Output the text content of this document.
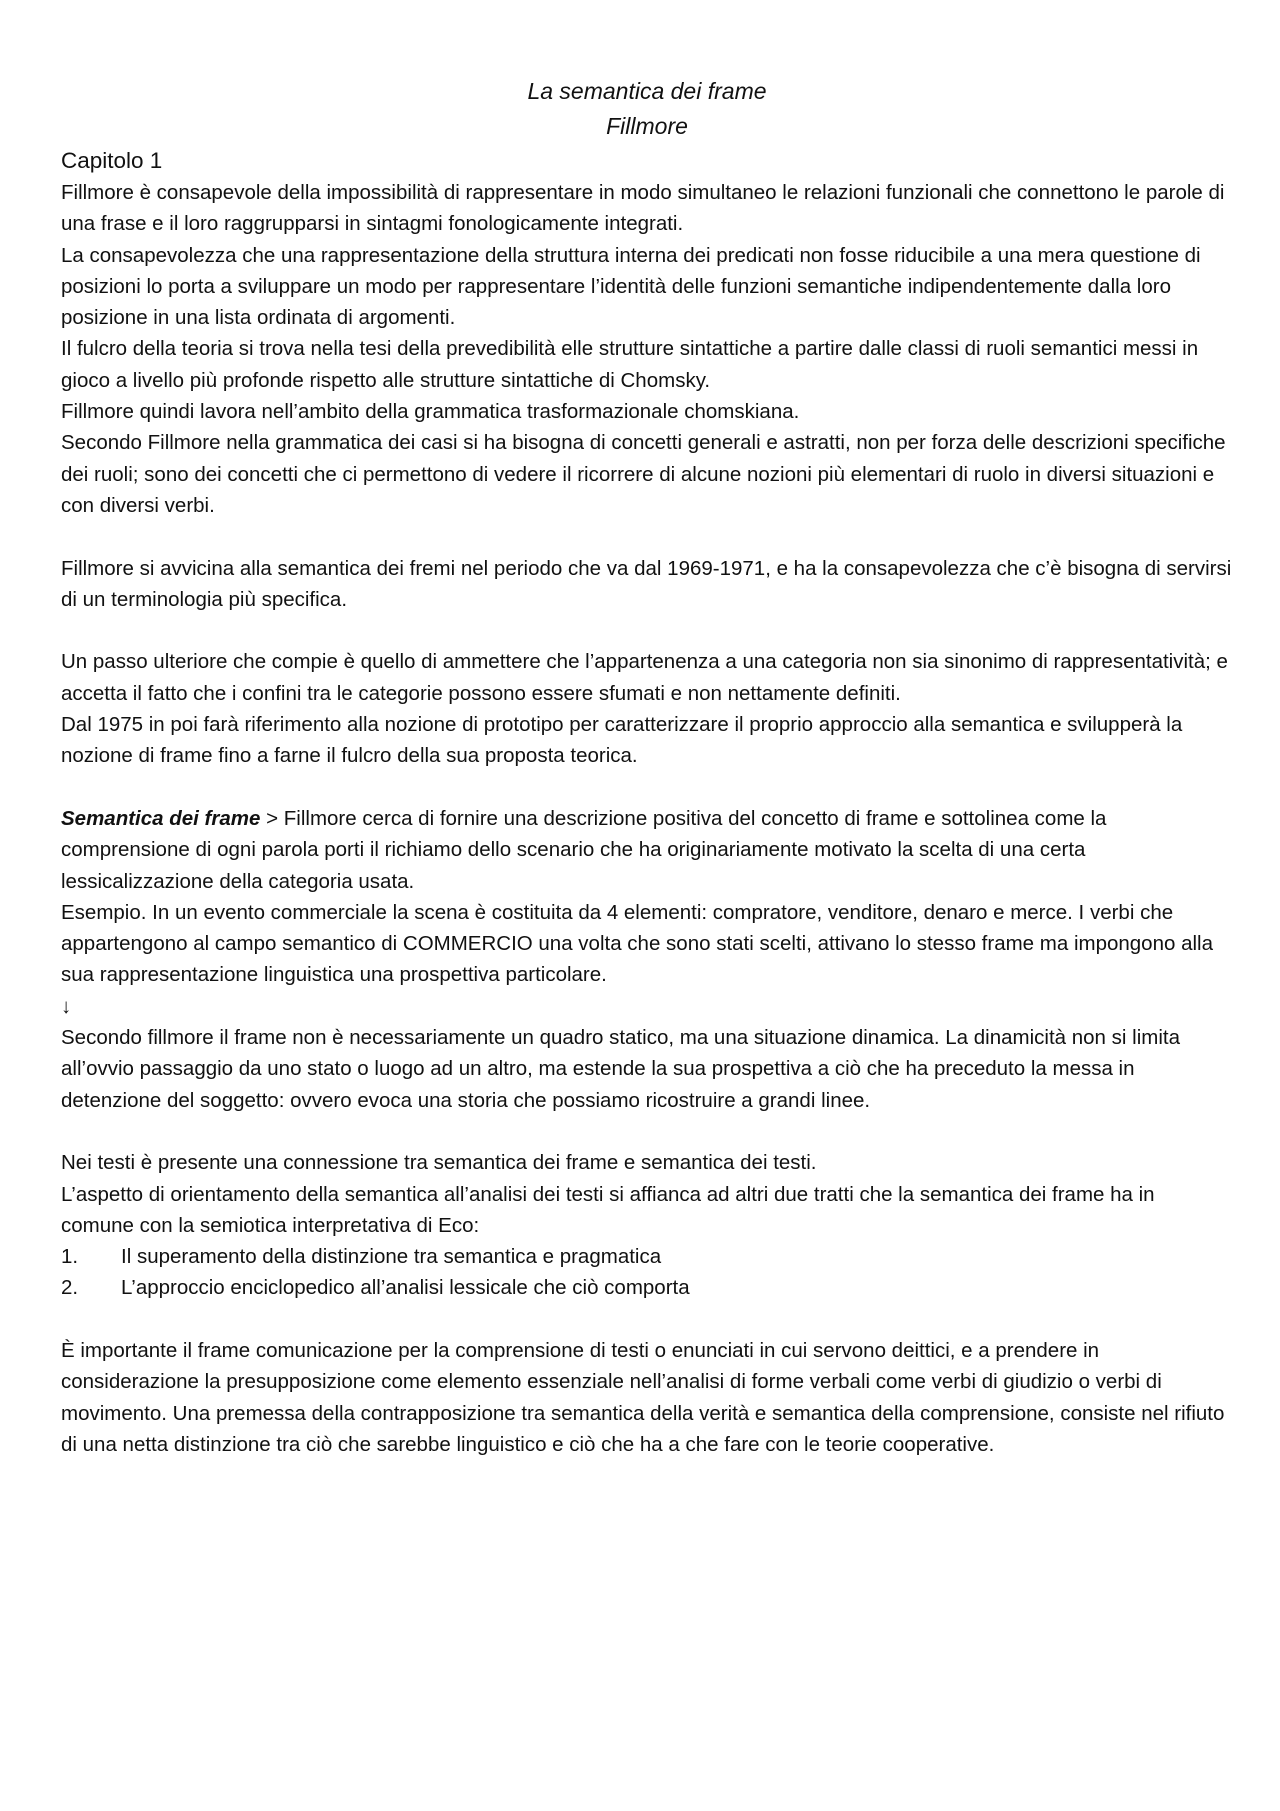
La semantica dei frame

Fillmore

Capitolo 1

Fillmore è consapevole della impossibilità di rappresentare in modo simultaneo le relazioni funzionali che connettono le parole di una frase e il loro raggrupparsi in sintagmi fonologicamente integrati.

La consapevolezza che una rappresentazione della struttura interna dei predicati non fosse riducibile a una mera questione di posizioni lo porta a sviluppare un modo per rappresentare l’identità delle funzioni semantiche indipendentemente dalla loro posizione in una lista ordinata di argomenti.

Il fulcro della teoria si trova nella tesi della prevedibilità elle strutture sintattiche a partire dalle classi di ruoli semantici messi in gioco a livello più profonde rispetto alle strutture sintattiche di Chomsky.

Fillmore quindi lavora nell’ambito della grammatica trasformazionale chomskiana.

Secondo Fillmore nella grammatica dei casi si ha bisogna di concetti generali e astratti, non per forza delle descrizioni specifiche dei ruoli; sono dei concetti che ci permettono di vedere il ricorrere di alcune nozioni più elementari di ruolo in diversi situazioni e con diversi verbi.

Fillmore si avvicina alla semantica dei fremi nel periodo che va dal 1969-1971, e ha la consapevolezza che c’è bisogna di servirsi di un terminologia più specifica.

Un passo ulteriore che compie è quello di ammettere che l’appartenenza a una categoria non sia sinonimo di rappresentatività; e accetta il fatto che i confini tra le categorie possono essere sfumati e non nettamente definiti.

Dal 1975 in poi farà riferimento alla nozione di prototipo per caratterizzare il proprio approccio alla semantica e svilupperà la nozione di frame fino a farne il fulcro della sua proposta teorica.

Semantica dei frame > Fillmore cerca di fornire una descrizione positiva del concetto di frame e sottolinea come la comprensione di ogni parola porti il richiamo dello scenario che ha originariamente motivato la scelta di una certa lessicalizzazione della categoria usata.

Esempio. In un evento commerciale la scena è costituita da 4 elementi: compratore, venditore, denaro e merce. I verbi che appartengono al campo semantico di COMMERCIO una volta che sono stati scelti, attivano lo stesso frame ma impongono alla sua rappresentazione linguistica una prospettiva particolare.

↓

Secondo fillmore il frame non è necessariamente un quadro statico, ma una situazione dinamica. La dinamicità non si limita all’ovvio passaggio da uno stato o luogo ad un altro, ma estende la sua prospettiva a ciò che ha preceduto la messa in detenzione del soggetto: ovvero evoca una storia che possiamo ricostruire a grandi linee.

Nei testi è presente una connessione tra semantica dei frame e semantica dei testi.

L’aspetto di orientamento della semantica all’analisi dei testi si affianca ad altri due tratti che la semantica dei frame ha in comune con la semiotica interpretativa di Eco:

1.	Il superamento della distinzione tra semantica e pragmatica
2.	L’approccio enciclopedico all’analisi lessicale che ciò comporta

È importante il frame comunicazione per la comprensione di testi o enunciati in cui servono deittici, e a prendere in considerazione la presupposizione come elemento essenziale nell’analisi di forme verbali come verbi di giudizio o verbi di movimento. Una premessa della contrapposizione tra semantica della verità e semantica della comprensione, consiste nel rifiuto di una netta distinzione tra ciò che sarebbe linguistico e ciò che ha a che fare con le teorie cooperative.
